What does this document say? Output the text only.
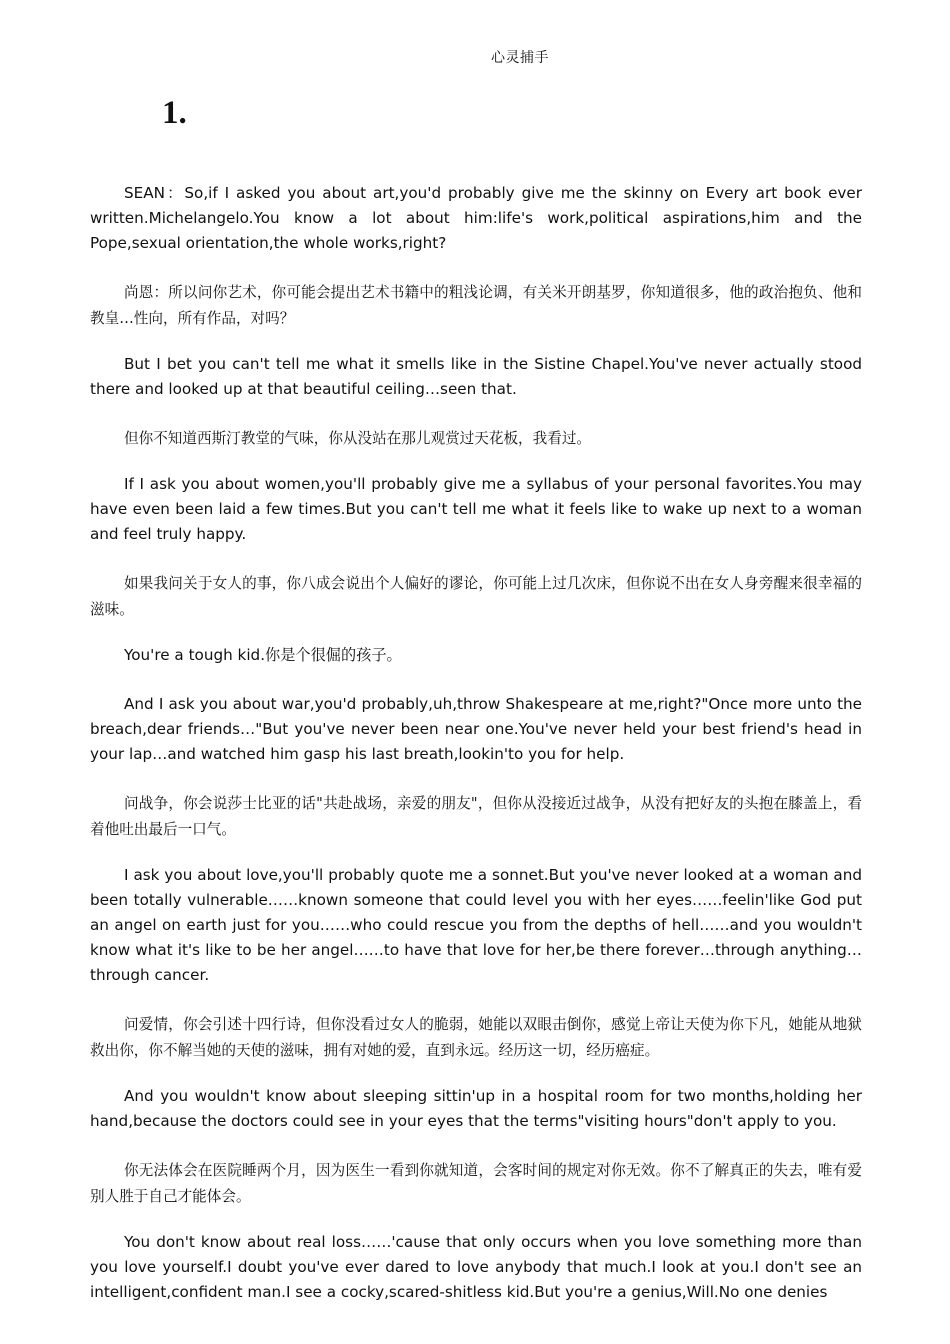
心灵捕手
1.

SEAN：So,if I asked you about art,you'd probably give me the skinny on Every art book ever written.Michelangelo.You know a lot about him:life's work,political aspirations,him and the Pope,sexual orientation,the whole works,right?

尚恩：所以问你艺术，你可能会提出艺术书籍中的粗浅论调，有关米开朗基罗，你知道很多，他的政治抱负、他和教皇…性向，所有作品，对吗？

But I bet you can't tell me what it smells like in the Sistine Chapel.You've never actually stood there and looked up at that beautiful ceiling…seen that.

但你不知道西斯汀教堂的气味，你从没站在那儿观赏过天花板，我看过。

If I ask you about women,you'll probably give me a syllabus of your personal favorites.You may have even been laid a few times.But you can't tell me what it feels like to wake up next to a woman and feel truly happy.

如果我问关于女人的事，你八成会说出个人偏好的谬论，你可能上过几次床，但你说不出在女人身旁醒来很幸福的滋味。

You're a tough kid.你是个很倔的孩子。

And I ask you about war,you'd probably,uh,throw Shakespeare at me,right?"Once more unto the breach,dear friends…"But you've never been near one.You've never held your best friend's head in your lap…and watched him gasp his last breath,lookin'to you for help.

问战争，你会说莎士比亚的话"共赴战场，亲爱的朋友"，但你从没接近过战争，从没有把好友的头抱在膝盖上，看着他吐出最后一口气。

I ask you about love,you'll probably quote me a sonnet.But you've never looked at a woman and been totally vulnerable……known someone that could level you with her eyes……feelin'like God put an angel on earth just for you……who could rescue you from the depths of hell……and you wouldn't know what it's like to be her angel……to have that love for her,be there forever…through anything…through cancer.

问爱情，你会引述十四行诗，但你没看过女人的脆弱，她能以双眼击倒你，感觉上帝让天使为你下凡，她能从地狱救出你，你不解当她的天使的滋味，拥有对她的爱，直到永远。经历这一切，经历癌症。

And you wouldn't know about sleeping sittin'up in a hospital room for two months,holding her hand,because the doctors could see in your eyes that the terms"visiting hours"don't apply to you.

你无法体会在医院睡两个月，因为医生一看到你就知道，会客时间的规定对你无效。你不了解真正的失去，唯有爱别人胜于自己才能体会。

You don't know about real loss……'cause that only occurs when you love something more than you love yourself.I doubt you've ever dared to love anybody that much.I look at you.I don't see an intelligent,confident man.I see a cocky,scared-shitless kid.But you're a genius,Will.No one denies
